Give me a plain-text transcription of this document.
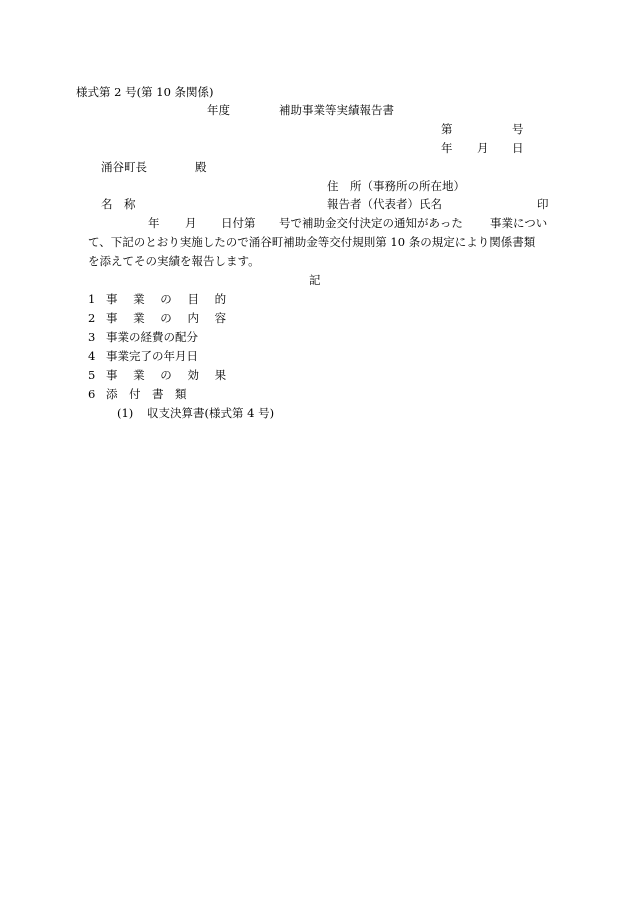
様式第 2 号(第 10 条関係)
年度	補助事業等実績報告書
第	号
年 月 日
涌谷町長	殿
住　所（事務所の所在地）
名　称	報告者（代表者）氏名	印
年 月 日付第 号で補助金交付決定の通知があった 事業につい
て、下記のとおり実施したので涌谷町補助金等交付規則第 10 条の規定により関係書類
を添えてその実績を報告します。
記
1 事 業 の 目 的
2 事 業 の 内 容
3 事業の経費の配分
4 事業完了の年月日
5 事 業 の 効 果
6 添　付　書　類
(1) 収支決算書(様式第 4 号)
